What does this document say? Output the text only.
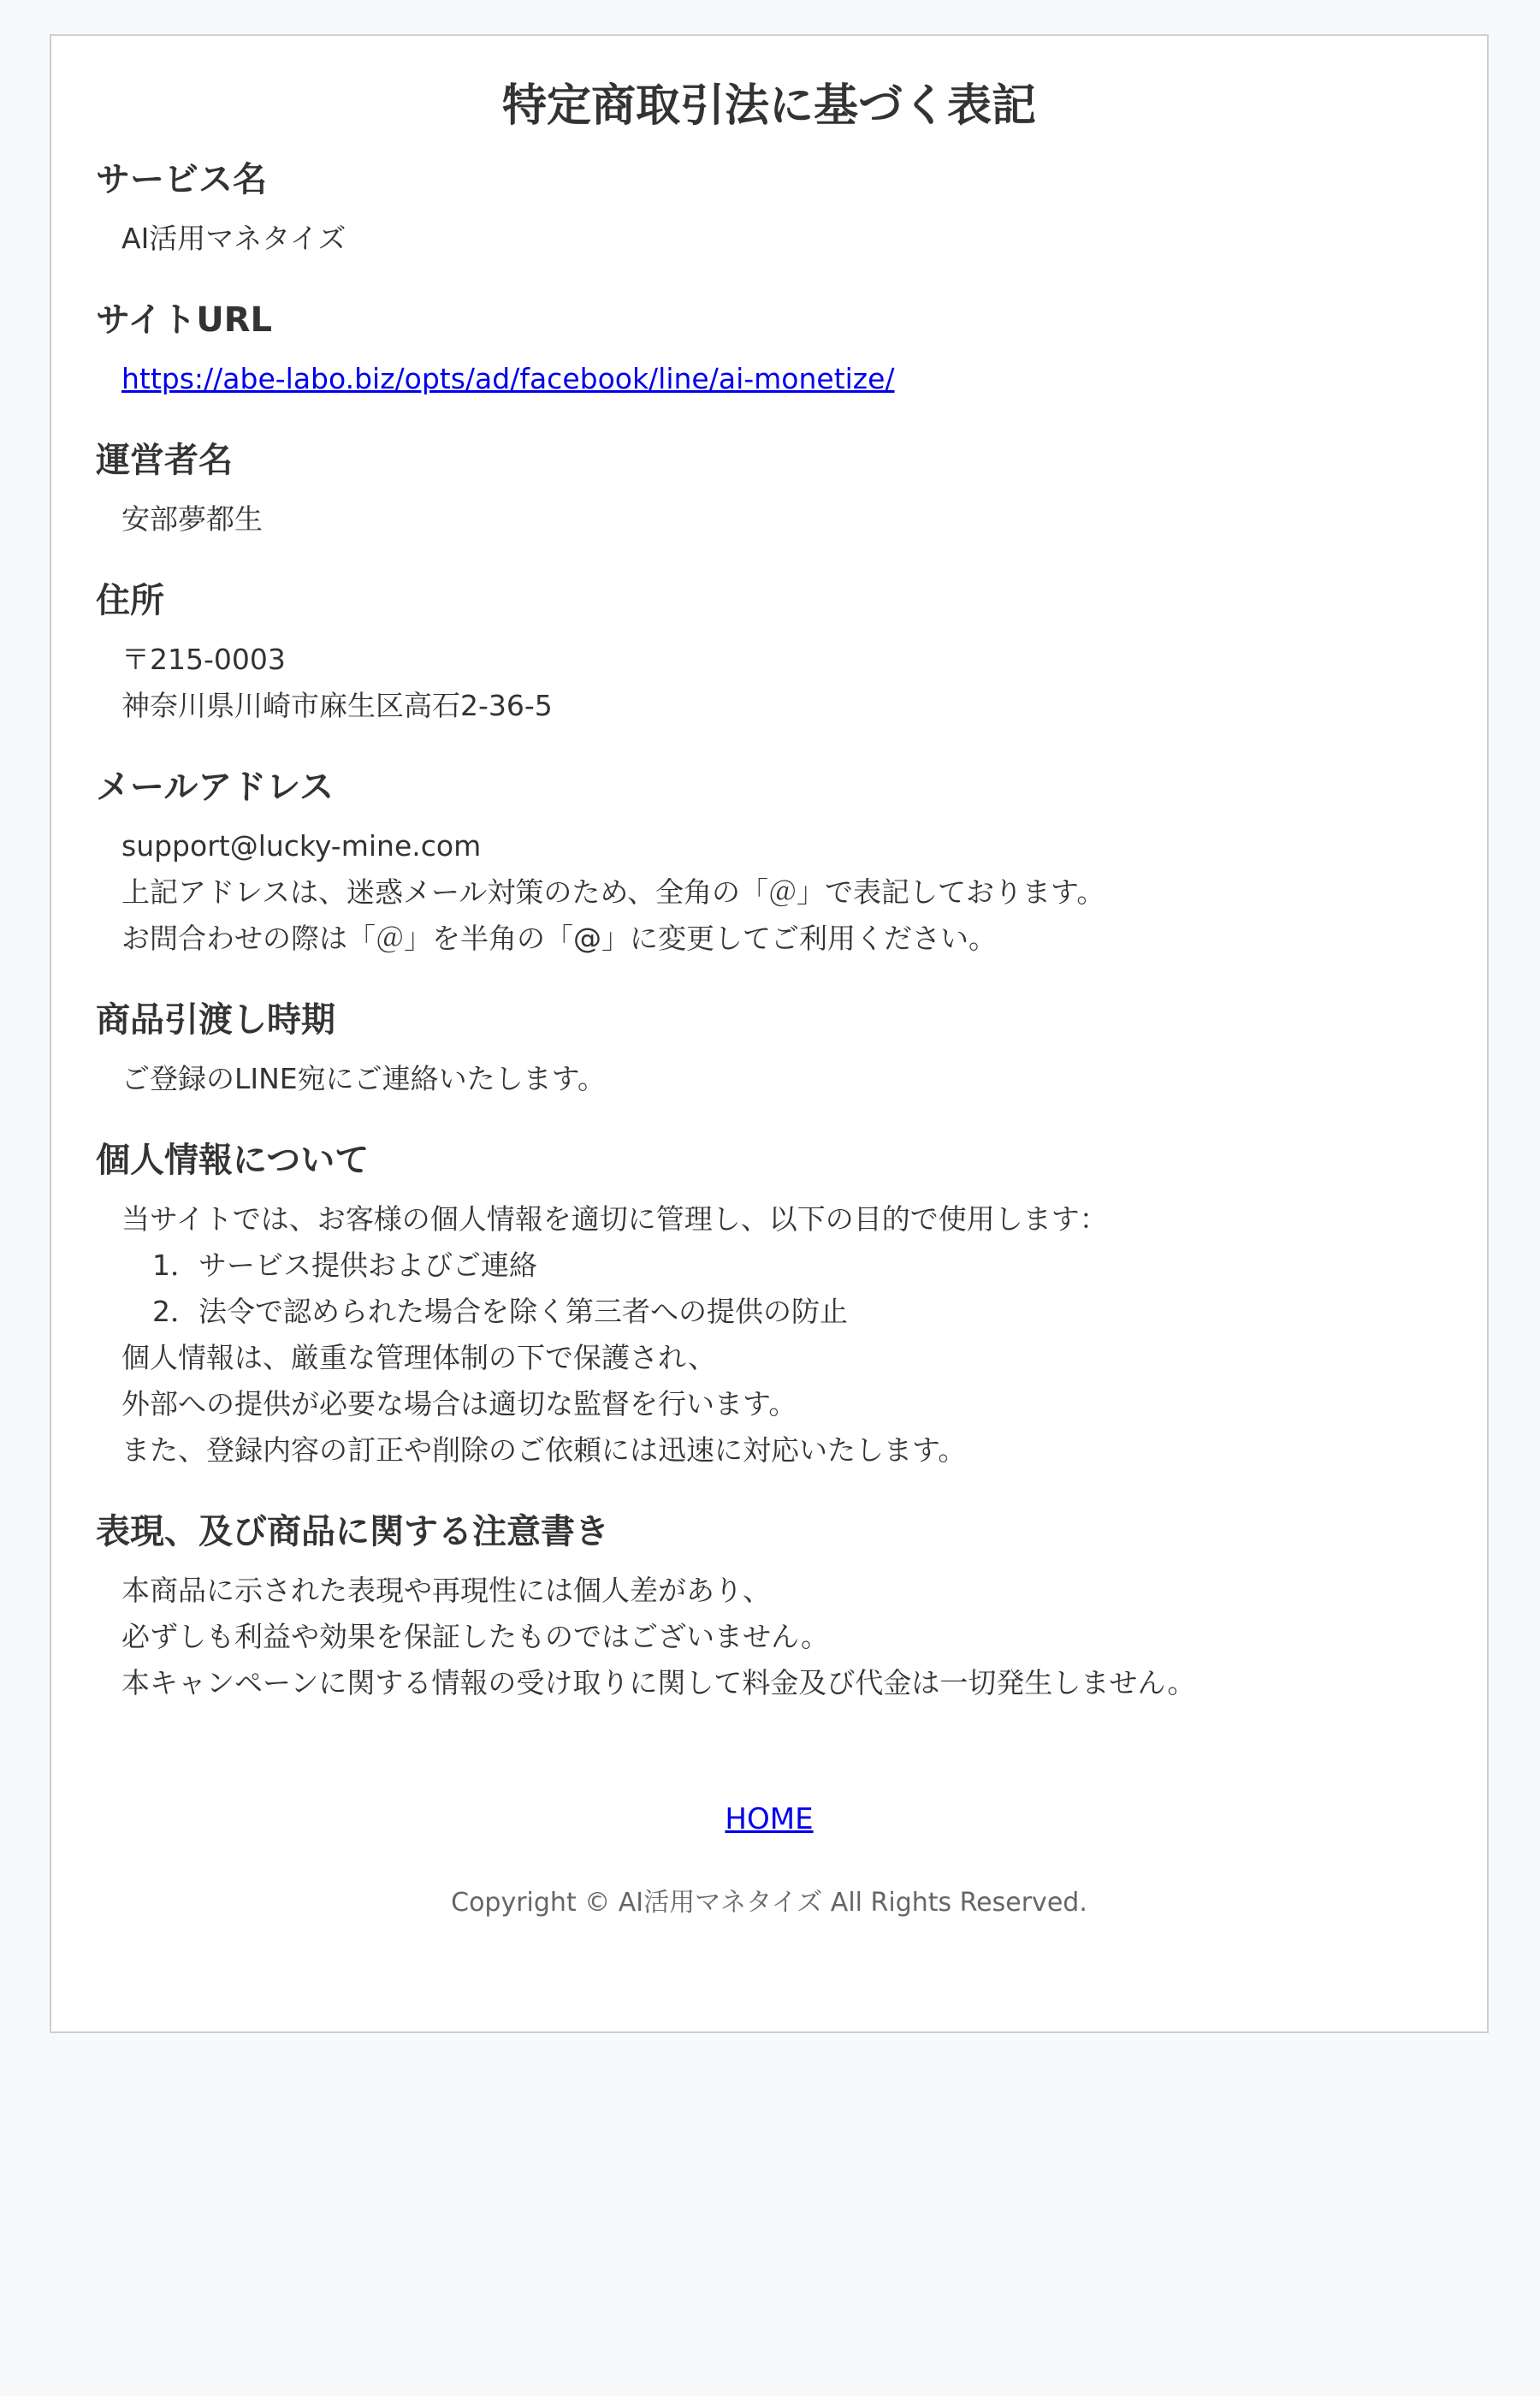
特定商取引法に基づく表記
サービス名

AI活用マネタイズ

サイトURL

https://abe-labo.biz/opts/ad/facebook/line/ai-monetize/

運営者名

安部夢都生

住所

〒215-0003

神奈川県川崎市麻生区高石2-36-5

メールアドレス

support@lucky-mine.com

上記アドレスは、迷惑メール対策のため、全角の「＠」で表記しております。

お問合わせの際は「＠」を半角の「@」に変更してご利用ください。

商品引渡し時期

ご登録のLINE宛にご連絡いたします。

個人情報について

当サイトでは、お客様の個人情報を適切に管理し、以下の目的で使用します：

1．サービス提供およびご連絡
2．法令で認められた場合を除く第三者への提供の防止

個人情報は、厳重な管理体制の下で保護され、

外部への提供が必要な場合は適切な監督を行います。

また、登録内容の訂正や削除のご依頼には迅速に対応いたします。

表現、及び商品に関する注意書き

本商品に示された表現や再現性には個人差があり、

必ずしも利益や効果を保証したものではございません。

本キャンペーンに関する情報の受け取りに関して料金及び代金は一切発生しません。

HOME
Copyright © AI活用マネタイズ All Rights Reserved.
